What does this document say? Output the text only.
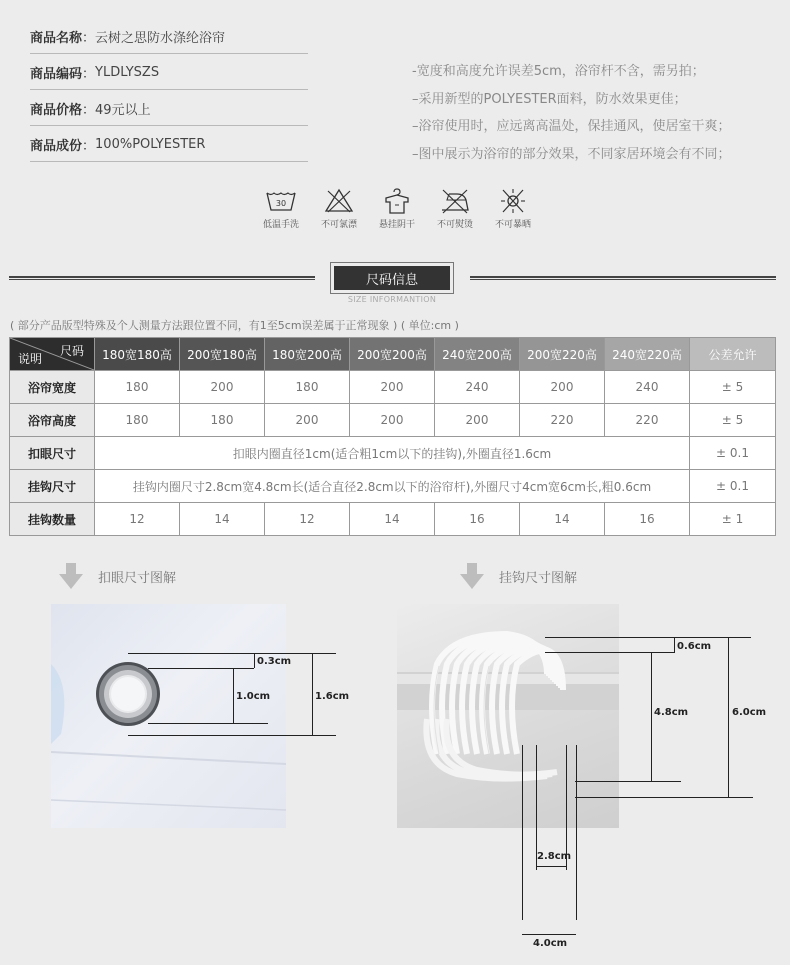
商品名称 ： 云树之思防水涤纶浴帘
商品编码 ： YLDLYSZS
商品价格 ： 49元以上
商品成份 ： 100%POLYESTER
-宽度和高度允许误差5cm，浴帘杆不含，需另拍；
–采用新型的POLYESTER面料，防水效果更佳；
–浴帘使用时，应远离高温处，保挂通风，使居室干爽；
–图中展示为浴帘的部分效果，不同家居环境会有不同；
30
低温手洗 不可氯漂 悬挂阴干 不可熨烫 不可暴晒
尺码信息
SIZE INFORMANTION
( 部分产品版型特殊及个人测量方法跟位置不同，有1至5cm误差属于正常现象 ) ( 单位:cm )
尺码
说明	180宽180高	200宽180高	180宽200高	200宽200高	240宽200高	200宽220高	240宽220高	公差允许
浴帘宽度	180	200	180	200	240	200	240	± 5
浴帘高度	180	180	200	200	200	220	220	± 5
扣眼尺寸	扣眼内圈直径1cm(适合粗1cm以下的挂钩),外圈直径1.6cm							± 0.1
挂钩尺寸	挂钩内圈尺寸2.8cm宽4.8cm长(适合直径2.8cm以下的浴帘杆),外圈尺寸4cm宽6cm长,粗0.6cm							± 0.1
挂钩数量	12	14	12	14	16	14	16	± 1
扣眼尺寸图解	挂钩尺寸图解
0.3cm
1.0cm	1.6cm
0.6cm
4.8cm	6.0cm
2.8cm
4.0cm
